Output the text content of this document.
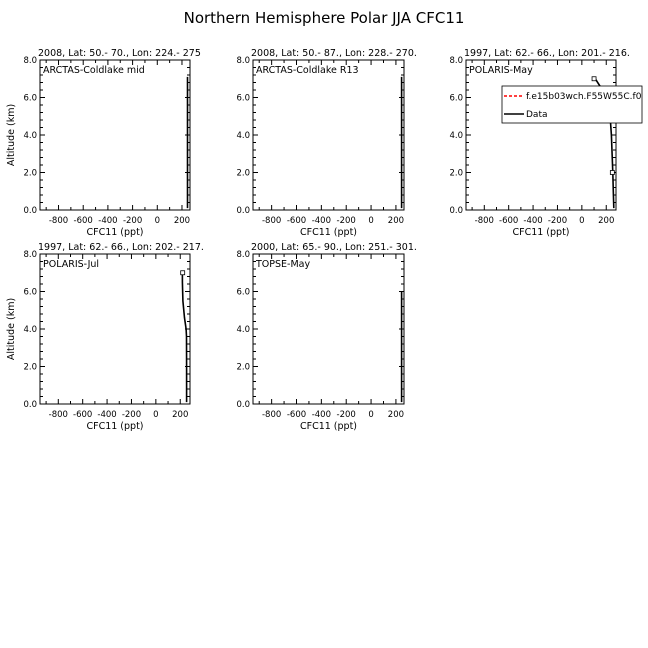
Northern Hemisphere Polar JJA CFC11
2008, Lat: 50.- 70., Lon: 224.- 275
ARCTAS-Coldlake mid
-800 -600 -400 -200 0 200
0.0
2.0
4.0
6.0
8.0
CFC11 (ppt)
Altitude (km)
2008, Lat: 50.- 87., Lon: 228.- 270.
ARCTAS-Coldlake R13
-800 -600 -400 -200 0 200
0.0
2.0
4.0
6.0
8.0
CFC11 (ppt)
1997, Lat: 62.- 66., Lon: 201.- 216.
POLARIS-May
-800 -600 -400 -200 0 200
0.0
2.0
4.0
6.0
8.0
CFC11 (ppt)
f.e15b03wch.F55W55C.f0
Data
1997, Lat: 62.- 66., Lon: 202.- 217.
POLARIS-Jul
-800 -600 -400 -200 0 200
0.0
2.0
4.0
6.0
8.0
CFC11 (ppt)
Altitude (km)
2000, Lat: 65.- 90., Lon: 251.- 301.
TOPSE-May
-800 -600 -400 -200 0 200
0.0
2.0
4.0
6.0
8.0
CFC11 (ppt)
